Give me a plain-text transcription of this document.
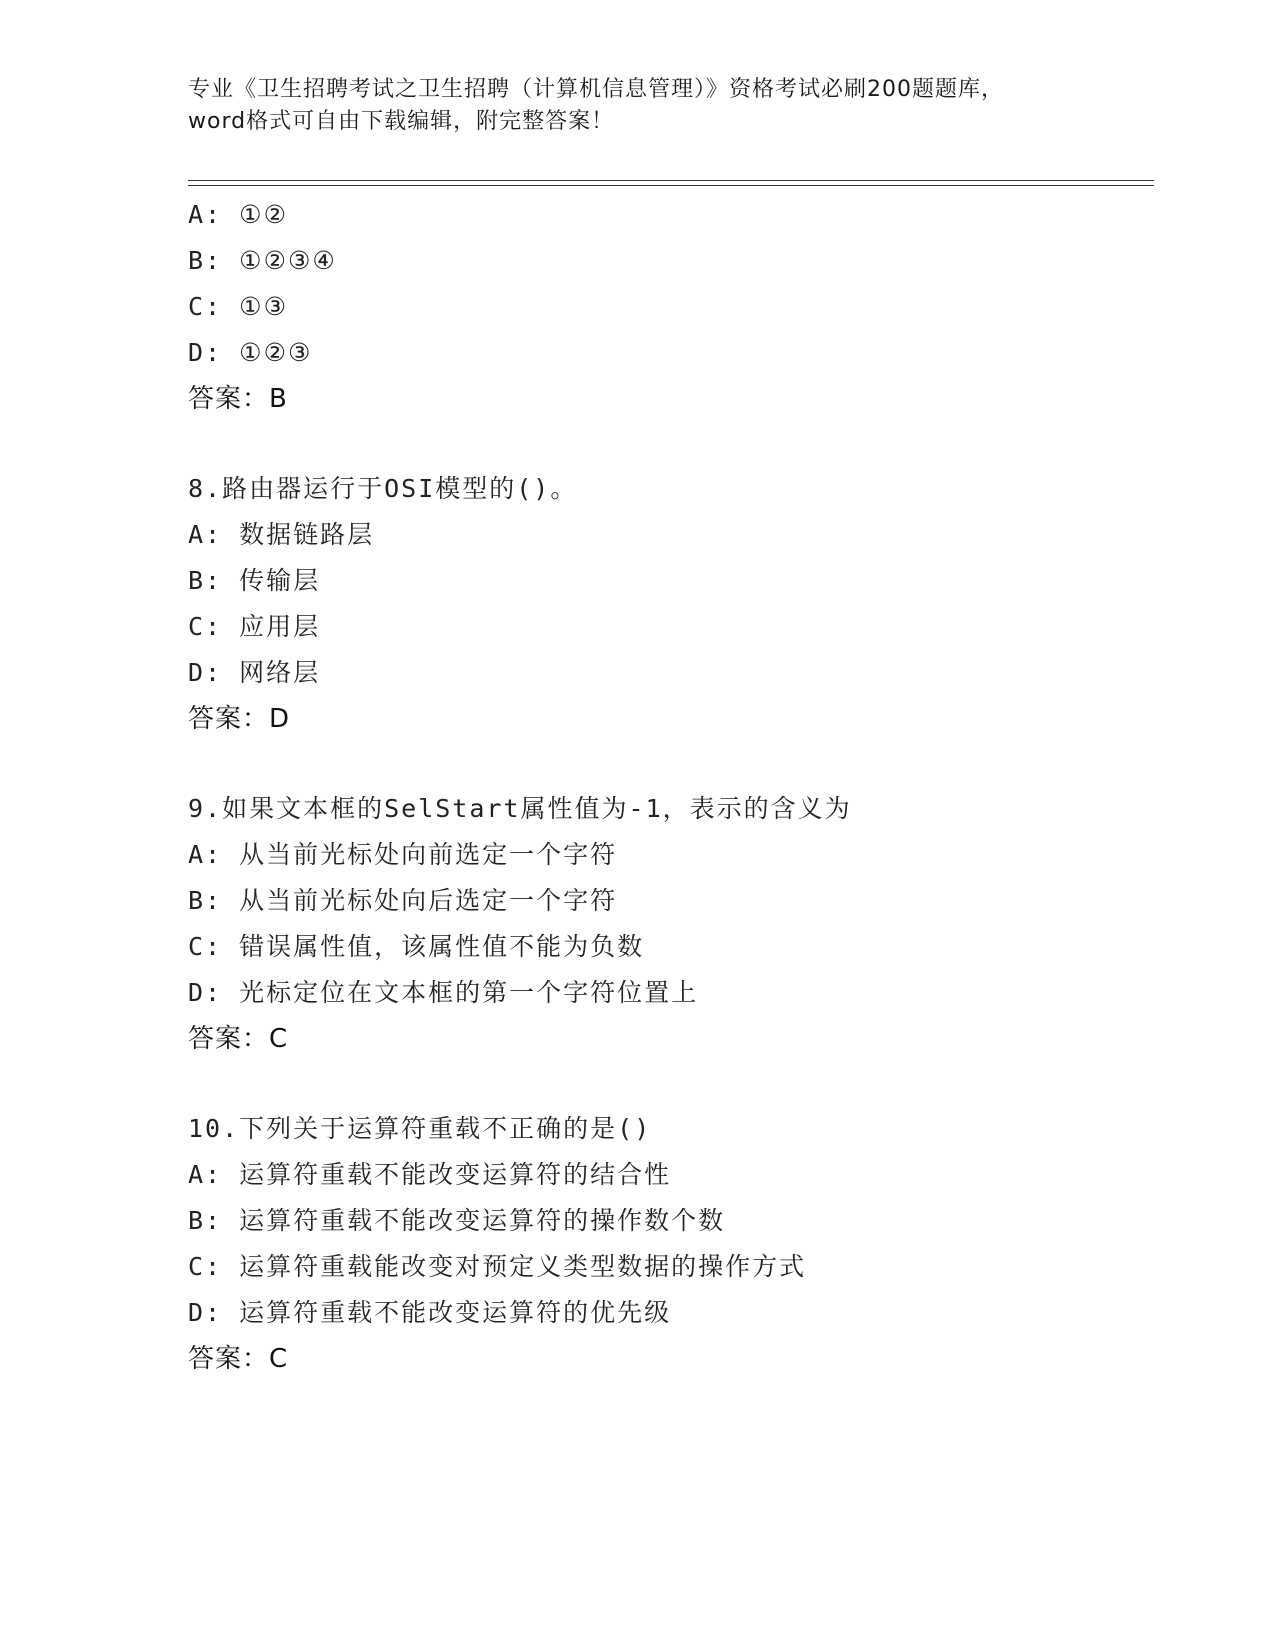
专业《卫生招聘考试之卫生招聘（计算机信息管理）》资格考试必刷200题题库，
word格式可自由下载编辑，附完整答案！
A: ①②
B: ①②③④
C: ①③
D: ①②③
答案：B
8.路由器运行于OSI模型的()。
A: 数据链路层
B: 传输层
C: 应用层
D: 网络层
答案：D
9.如果文本框的SelStart属性值为-1，表示的含义为
A: 从当前光标处向前选定一个字符
B: 从当前光标处向后选定一个字符
C: 错误属性值，该属性值不能为负数
D: 光标定位在文本框的第一个字符位置上
答案：C
10.下列关于运算符重载不正确的是()
A: 运算符重载不能改变运算符的结合性
B: 运算符重载不能改变运算符的操作数个数
C: 运算符重载能改变对预定义类型数据的操作方式
D: 运算符重载不能改变运算符的优先级
答案：C
